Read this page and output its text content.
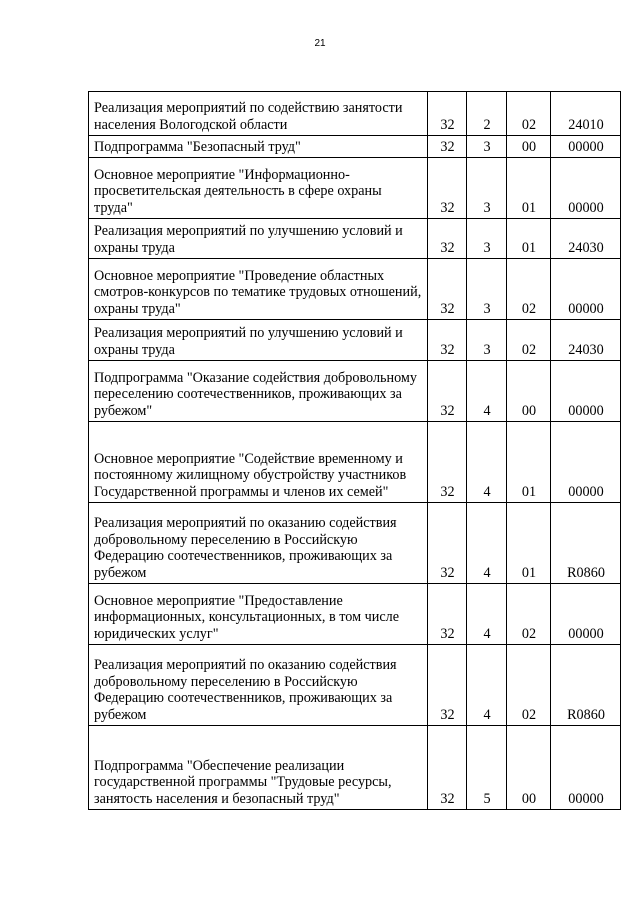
21
Реализация мероприятий по содействию занятости населения Вологодской области	32	2	02	24010
Подпрограмма "Безопасный труд"	32	3	00	00000
Основное мероприятие "Информационно-просветительская деятельность в сфере охраны труда"	32	3	01	00000
Реализация мероприятий по улучшению условий и охраны труда	32	3	01	24030
Основное мероприятие "Проведение областных смотров-конкурсов по тематике трудовых отношений, охраны труда"	32	3	02	00000
Реализация мероприятий по улучшению условий и охраны труда	32	3	02	24030
Подпрограмма "Оказание содействия добровольному переселению соотечественников, проживающих за рубежом"	32	4	00	00000
Основное мероприятие "Содействие временному и постоянному жилищному обустройству участников Государственной программы и членов их семей"	32	4	01	00000
Реализация мероприятий по оказанию содействия добровольному переселению в Российскую Федерацию соотечественников, проживающих за рубежом	32	4	01	R0860
Основное мероприятие "Предоставление информационных, консультационных, в том числе юридических услуг"	32	4	02	00000
Реализация мероприятий по оказанию содействия добровольному переселению в Российскую Федерацию соотечественников, проживающих за рубежом	32	4	02	R0860
Подпрограмма "Обеспечение реализации государственной программы "Трудовые ресурсы, занятость населения и безопасный труд"	32	5	00	00000
